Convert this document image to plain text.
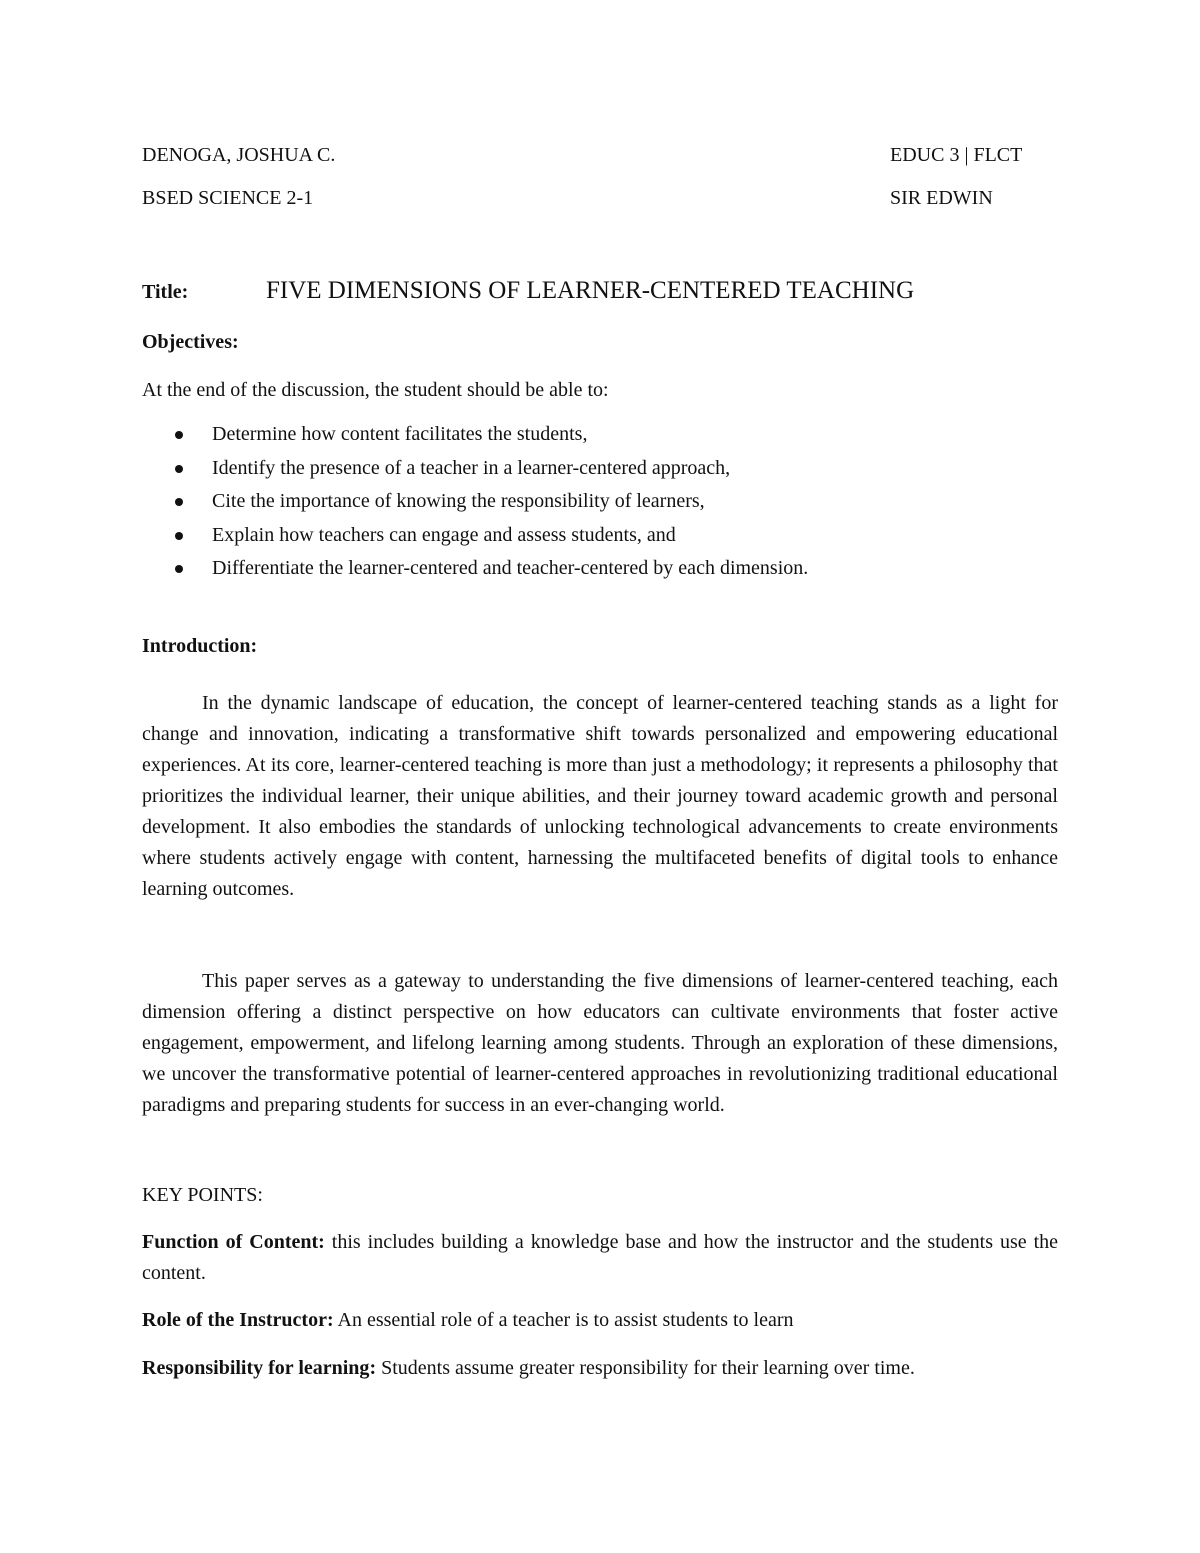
DENOGA, JOSHUA C.	EDUC 3 | FLCT
BSED SCIENCE 2-1	SIR EDWIN
Title:	FIVE DIMENSIONS OF LEARNER-CENTERED TEACHING
Objectives:
At the end of the discussion, the student should be able to:
Determine how content facilitates the students,
Identify the presence of a teacher in a learner-centered approach,
Cite the importance of knowing the responsibility of learners,
Explain how teachers can engage and assess students, and
Differentiate the learner-centered and teacher-centered by each dimension.
Introduction:

In the dynamic landscape of education, the concept of learner-centered teaching stands as a light for change and innovation, indicating a transformative shift towards personalized and empowering educational experiences. At its core, learner-centered teaching is more than just a methodology; it represents a philosophy that prioritizes the individual learner, their unique abilities, and their journey toward academic growth and personal development. It also embodies the standards of unlocking technological advancements to create environments where students actively engage with content, harnessing the multifaceted benefits of digital tools to enhance learning outcomes.

This paper serves as a gateway to understanding the five dimensions of learner-centered teaching, each dimension offering a distinct perspective on how educators can cultivate environments that foster active engagement, empowerment, and lifelong learning among students. Through an exploration of these dimensions, we uncover the transformative potential of learner-centered approaches in revolutionizing traditional educational paradigms and preparing students for success in an ever-changing world.

KEY POINTS:

Function of Content: this includes building a knowledge base and how the instructor and the students use the content.

Role of the Instructor: An essential role of a teacher is to assist students to learn

Responsibility for learning: Students assume greater responsibility for their learning over time.
